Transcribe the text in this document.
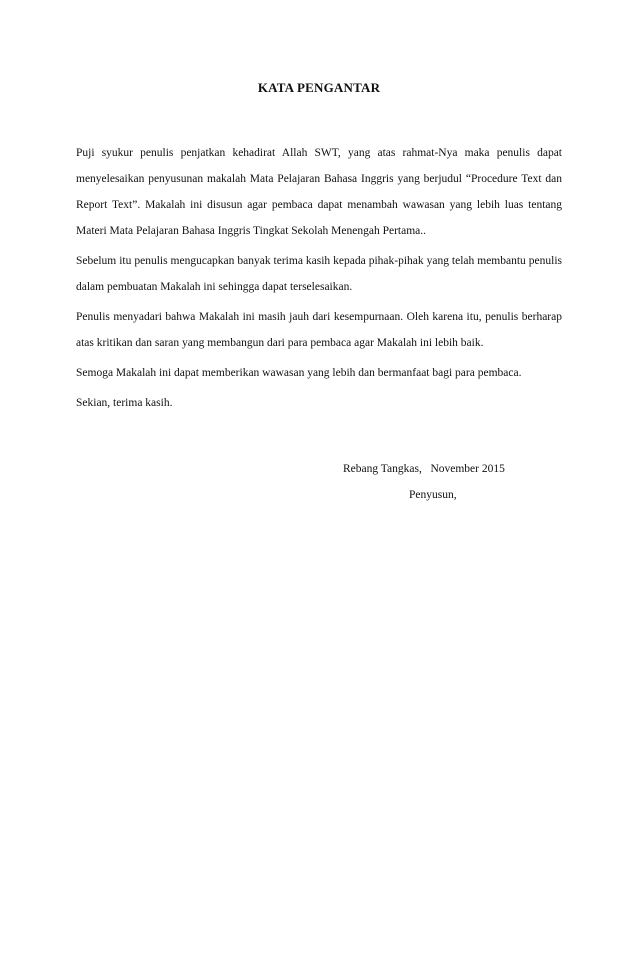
KATA PENGANTAR

Puji syukur penulis penjatkan kehadirat Allah SWT, yang atas rahmat-Nya maka penulis dapat menyelesaikan penyusunan makalah Mata Pelajaran Bahasa Inggris yang berjudul “Procedure Text dan Report Text”. Makalah ini disusun agar pembaca dapat menambah wawasan yang lebih luas tentang Materi Mata Pelajaran Bahasa Inggris Tingkat Sekolah Menengah Pertama..

Sebelum itu penulis mengucapkan banyak terima kasih kepada pihak-pihak yang telah membantu penulis dalam pembuatan Makalah ini sehingga dapat terselesaikan.

Penulis menyadari bahwa Makalah ini masih jauh dari kesempurnaan. Oleh karena itu, penulis berharap atas kritikan dan saran yang membangun dari para pembaca agar Makalah ini lebih baik.

Semoga Makalah ini dapat memberikan wawasan yang lebih dan bermanfaat bagi para pembaca.

Sekian, terima kasih.

Rebang Tangkas,   November 2015
Penyusun,
